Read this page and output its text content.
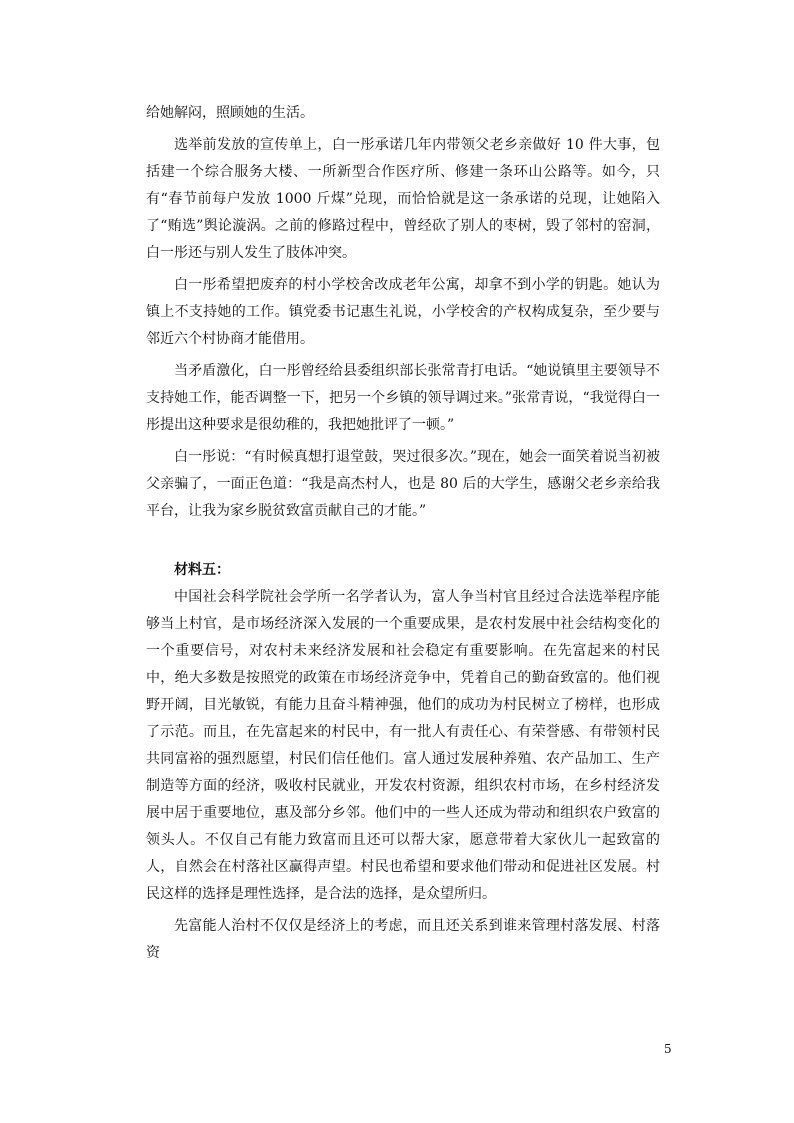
给她解闷，照顾她的生活。

选举前发放的宣传单上，白一彤承诺几年内带领父老乡亲做好 10 件大事，包括建一个综合服务大楼、一所新型合作医疗所、修建一条环山公路等。如今，只有“春节前每户发放 1000 斤煤”兑现，而恰恰就是这一条承诺的兑现，让她陷入了“贿选”舆论漩涡。之前的修路过程中，曾经砍了别人的枣树，毁了邻村的窑洞，白一彤还与别人发生了肢体冲突。

白一彤希望把废弃的村小学校舍改成老年公寓，却拿不到小学的钥匙。她认为镇上不支持她的工作。镇党委书记惠生礼说，小学校舍的产权构成复杂，至少要与邻近六个村协商才能借用。

当矛盾激化，白一彤曾经给县委组织部长张常青打电话。“她说镇里主要领导不支持她工作，能否调整一下，把另一个乡镇的领导调过来。”张常青说，“我觉得白一彤提出这种要求是很幼稚的，我把她批评了一顿。”

白一彤说：“有时候真想打退堂鼓，哭过很多次。”现在，她会一面笑着说当初被父亲骗了，一面正色道：“我是高杰村人，也是 80 后的大学生，感谢父老乡亲给我平台，让我为家乡脱贫致富贡献自己的才能。”

材料五：

中国社会科学院社会学所一名学者认为，富人争当村官且经过合法选举程序能够当上村官，是市场经济深入发展的一个重要成果，是农村发展中社会结构变化的一个重要信号，对农村未来经济发展和社会稳定有重要影响。在先富起来的村民中，绝大多数是按照党的政策在市场经济竞争中，凭着自己的勤奋致富的。他们视野开阔，目光敏锐，有能力且奋斗精神强，他们的成功为村民树立了榜样，也形成了示范。而且，在先富起来的村民中，有一批人有责任心、有荣誉感、有带领村民共同富裕的强烈愿望，村民们信任他们。富人通过发展种养殖、农产品加工、生产制造等方面的经济，吸收村民就业，开发农村资源，组织农村市场，在乡村经济发展中居于重要地位，惠及部分乡邻。他们中的一些人还成为带动和组织农户致富的领头人。不仅自己有能力致富而且还可以帮大家，愿意带着大家伙儿一起致富的人，自然会在村落社区赢得声望。村民也希望和要求他们带动和促进社区发展。村民这样的选择是理性选择，是合法的选择，是众望所归。

先富能人治村不仅仅是经济上的考虑，而且还关系到谁来管理村落发展、村落资

5
